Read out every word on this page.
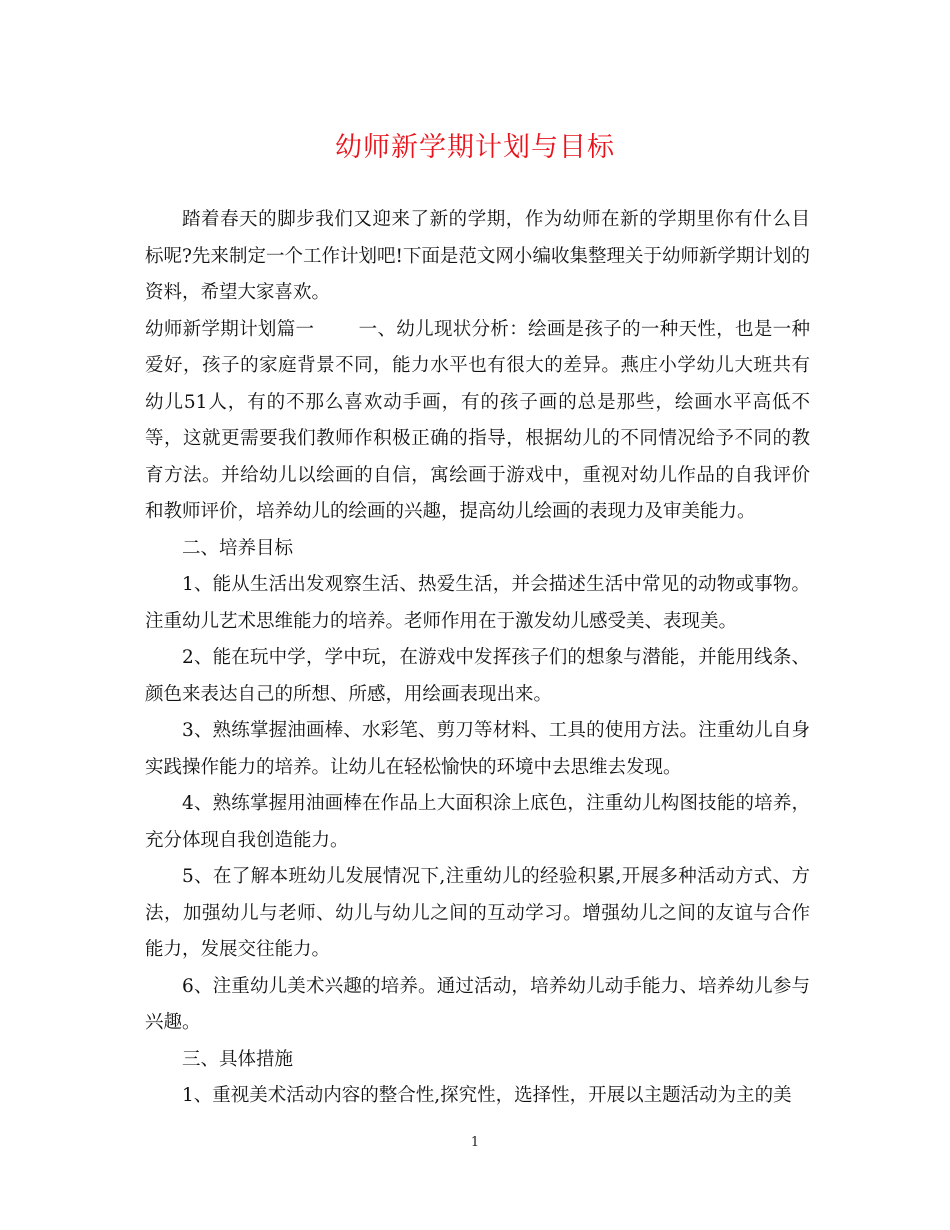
幼师新学期计划与目标

踏着春天的脚步我们又迎来了新的学期，作为幼师在新的学期里你有什么目标呢?先来制定一个工作计划吧!下面是范文网小编收集整理关于幼师新学期计划的资料，希望大家喜欢。

幼师新学期计划篇一 一、幼儿现状分析：绘画是孩子的一种天性，也是一种爱好，孩子的家庭背景不同，能力水平也有很大的差异。燕庄小学幼儿大班共有幼儿51人，有的不那么喜欢动手画，有的孩子画的总是那些，绘画水平高低不等，这就更需要我们教师作积极正确的指导，根据幼儿的不同情况给予不同的教育方法。并给幼儿以绘画的自信，寓绘画于游戏中，重视对幼儿作品的自我评价和教师评价，培养幼儿的绘画的兴趣，提高幼儿绘画的表现力及审美能力。

二、培养目标

1、能从生活出发观察生活、热爱生活，并会描述生活中常见的动物或事物。注重幼儿艺术思维能力的培养。老师作用在于激发幼儿感受美、表现美。

2、能在玩中学，学中玩，在游戏中发挥孩子们的想象与潜能，并能用线条、颜色来表达自己的所想、所感，用绘画表现出来。

3、熟练掌握油画棒、水彩笔、剪刀等材料、工具的使用方法。注重幼儿自身实践操作能力的培养。让幼儿在轻松愉快的环境中去思维去发现。

4、熟练掌握用油画棒在作品上大面积涂上底色，注重幼儿构图技能的培养，充分体现自我创造能力。

5、在了解本班幼儿发展情况下,注重幼儿的经验积累,开展多种活动方式、方法，加强幼儿与老师、幼儿与幼儿之间的互动学习。增强幼儿之间的友谊与合作能力，发展交往能力。

6、注重幼儿美术兴趣的培养。通过活动，培养幼儿动手能力、培养幼儿参与兴趣。

三、具体措施

1、重视美术活动内容的整合性,探究性，选择性，开展以主题活动为主的美

1
